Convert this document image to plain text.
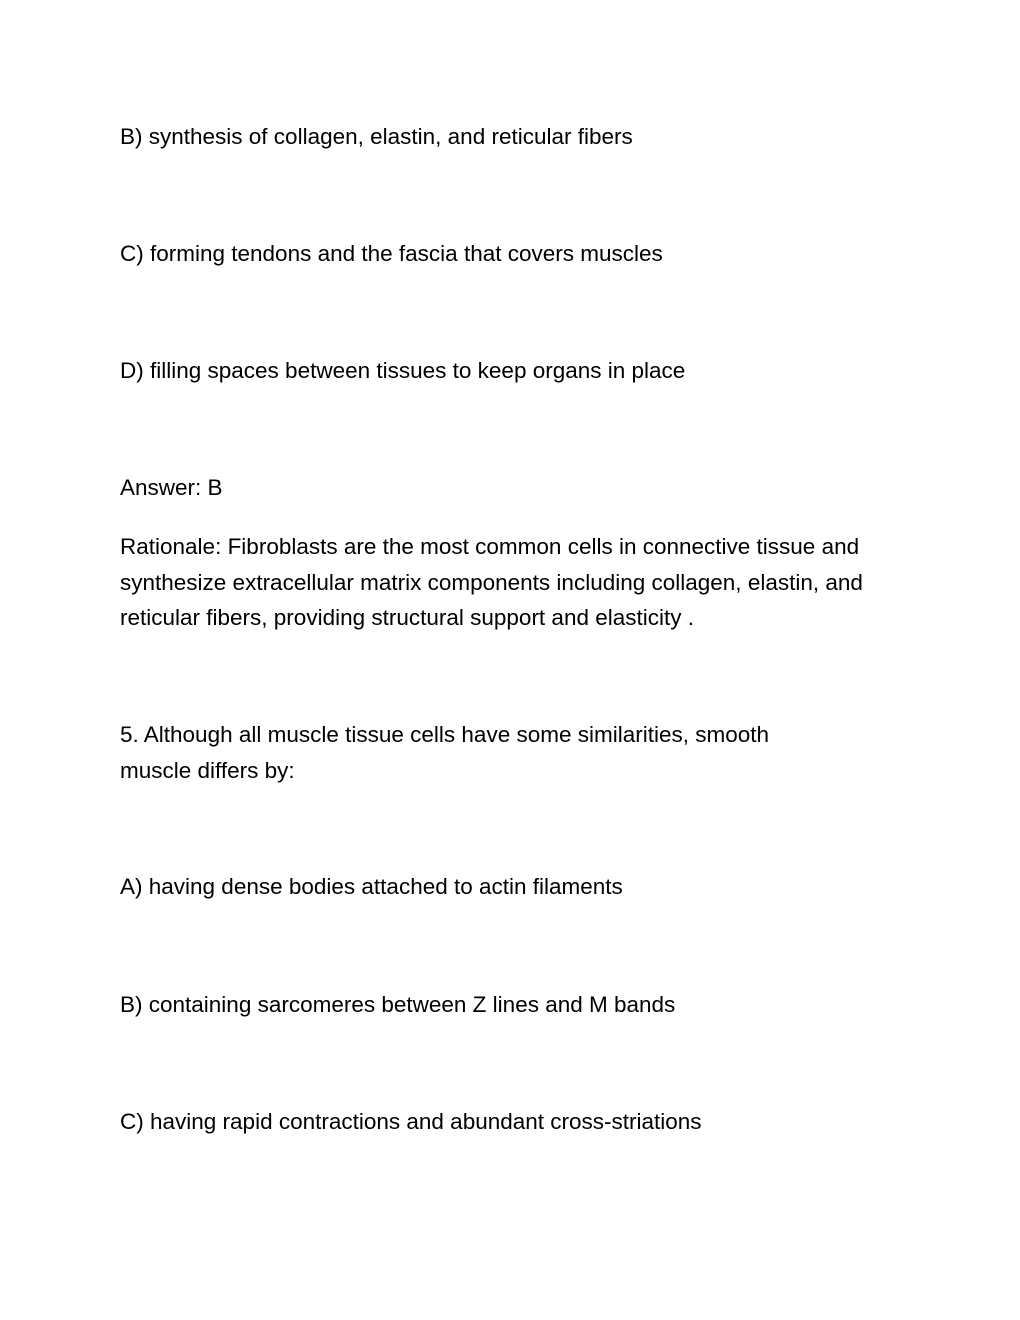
B) synthesis of collagen, elastin, and reticular fibers

C) forming tendons and the fascia that covers muscles

D) filling spaces between tissues to keep organs in place

Answer: B

Rationale: Fibroblasts are the most common cells in connective tissue and synthesize extracellular matrix components including collagen, elastin, and reticular fibers, providing structural support and elasticity .

5. Although all muscle tissue cells have some similarities, smooth muscle differs by:

A) having dense bodies attached to actin filaments

B) containing sarcomeres between Z lines and M bands

C) having rapid contractions and abundant cross-striations
